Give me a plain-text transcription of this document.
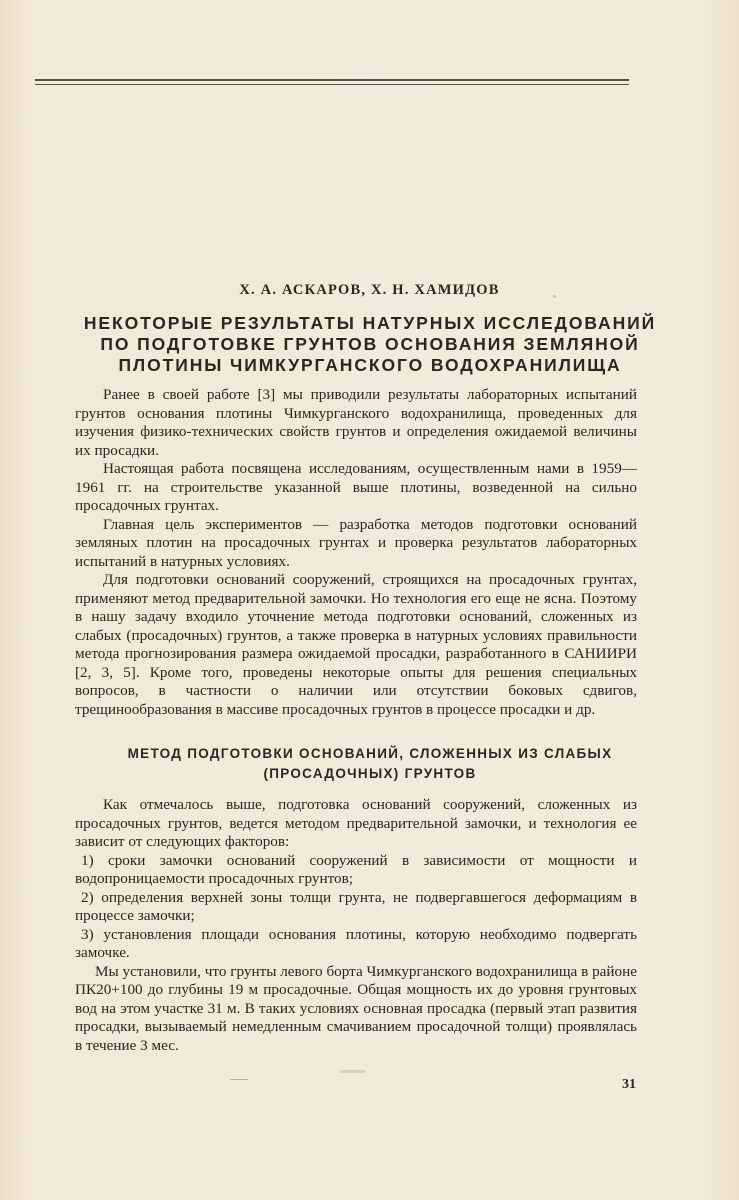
Х. А. АСКАРОВ, Х. Н. ХАМИДОВ
НЕКОТОРЫЕ РЕЗУЛЬТАТЫ НАТУРНЫХ ИССЛЕДОВАНИЙ
ПО ПОДГОТОВКЕ ГРУНТОВ ОСНОВАНИЯ ЗЕМЛЯНОЙ
ПЛОТИНЫ ЧИМКУРГАНСКОГО ВОДОХРАНИЛИЩА

Ранее в своей работе [3] мы приводили результаты лабораторных испытаний грунтов основания плотины Чимкурганского водохранилища, проведенных для изучения физико-технических свойств грунтов и определения ожидаемой величины их просадки.

Настоящая работа посвящена исследованиям, осуществленным нами в 1959—1961 гг. на строительстве указанной выше плотины, возведенной на сильно просадочных грунтах.

Главная цель экспериментов — разработка методов подготовки оснований земляных плотин на просадочных грунтах и проверка результатов лабораторных испытаний в натурных условиях.

Для подготовки оснований сооружений, строящихся на просадочных грунтах, применяют метод предварительной замочки. Но технология его еще не ясна. Поэтому в нашу задачу входило уточнение метода подготовки оснований, сложенных из слабых (просадочных) грунтов, а также проверка в натурных условиях правильности метода прогнозирования размера ожидаемой просадки, разработанного в САНИИРИ [2, 3, 5]. Кроме того, проведены некоторые опыты для решения специальных вопросов, в частности о наличии или отсутствии боковых сдвигов, трещинообразования в массиве просадочных грунтов в процессе просадки и др.

МЕТОД ПОДГОТОВКИ ОСНОВАНИЙ, СЛОЖЕННЫХ ИЗ СЛАБЫХ
(ПРОСАДОЧНЫХ) ГРУНТОВ

Как отмечалось выше, подготовка оснований сооружений, сложенных из просадочных грунтов, ведется методом предварительной замочки, и технология ее зависит от следующих факторов:

1) сроки замочки оснований сооружений в зависимости от мощности и водопроницаемости просадочных грунтов;

2) определения верхней зоны толщи грунта, не подвергавшегося деформациям в процессе замочки;

3) установления площади основания плотины, которую необходимо подвергать замочке.

Мы установили, что грунты левого борта Чимкурганского водохранилища в районе ПК20+100 до глубины 19 м просадочные. Общая мощность их до уровня грунтовых вод на этом участке 31 м. В таких условиях основная просадка (первый этап развития просадки, вызываемый немедленным смачиванием просадочной толщи) проявлялась в течение 3 мес.

31
